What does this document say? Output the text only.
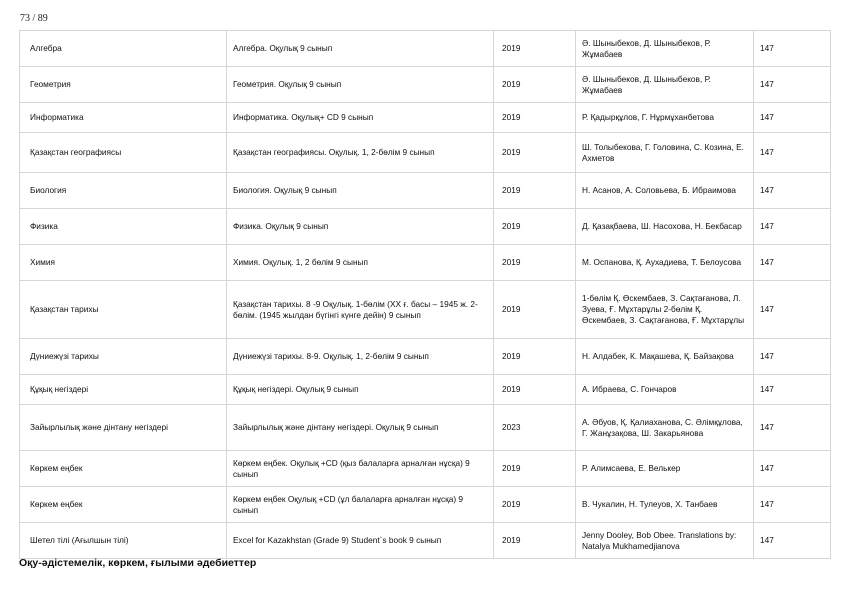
73 / 89
Алгебра	Алгебра. Оқулық 9 сынып	2019	Ә. Шыныбеков, Д. Шыныбеков, Р. Жұмабаев	147
Геометрия	Геометрия. Оқулық 9 сынып	2019	Ә. Шыныбеков, Д. Шыныбеков, Р. Жұмабаев	147
Информатика	Информатика. Оқулық+ CD 9 сынып	2019	Р. Қадырқұлов, Г. Нұрмұханбетова	147
Қазақстан географиясы	Қазақстан географиясы. Оқулық. 1, 2-бөлім 9 сынып	2019	Ш. Толыбекова, Г. Головина, С. Козина, Е. Ахметов	147
Биология	Биология. Оқулық 9 сынып	2019	Н. Асанов, А. Соловьева, Б. Ибраимова	147
Физика	Физика. Оқулық 9 сынып	2019	Д. Қазақбаева, Ш. Насохова, Н. Бекбасар	147
Химия	Химия. Оқулық. 1, 2 бөлім 9 сынып	2019	М. Оспанова, Қ. Аухадиева, Т. Белоусова	147
Қазақстан тарихы	Қазақстан тарихы. 8 -9 Оқулық. 1-бөлім (ХХ ғ. басы – 1945 ж. 2-бөлім. (1945 жылдан бүгінгі күнге дейін) 9 сынып	2019	1-бөлім Қ. Өскембаев, З. Сақтағанова, Л. Зуева, Ғ. Мұхтарұлы 2-бөлім Қ. Өскембаев, З. Сақтағанова, Ғ. Мұхтарұлы	147
Дүниежүзі тарихы	Дүниежүзі тарихы. 8-9. Оқулық. 1, 2-бөлім 9 сынып	2019	Н. Алдабек, К. Мақашева, Қ. Байзақова	147
Құқық негіздері	Құқық негіздері. Оқулық 9 сынып	2019	А. Ибраева, С. Гончаров	147
Зайырлылық және дінтану негіздері	Зайырлылық және дінтану негіздері. Оқулық 9 сынып	2023	А. Әбуов, Қ. Қалиаханова, С. Әлімқұлова, Г. Жанұзақова, Ш. Закарьянова	147
Көркем еңбек	Көркем еңбек. Оқулық +CD (қыз балаларға арналған нұсқа) 9 сынып	2019	Р. Алимсаева, Е. Велькер	147
Көркем еңбек	Көркем еңбек Оқулық +CD (ұл балаларға арналған нұсқа) 9 сынып	2019	В. Чукалин, Н. Тулеуов, Х. Танбаев	147
Шетел тілі (Ағылшын тілі)	Excel for Kazakhstan (Grade 9) Student`s book 9 сынып	2019	Jenny Dooley, Bob Obee. Translations by: Natalya Mukhamedjianova	147
Оқу-әдістемелік, көркем, ғылыми әдебиеттер
